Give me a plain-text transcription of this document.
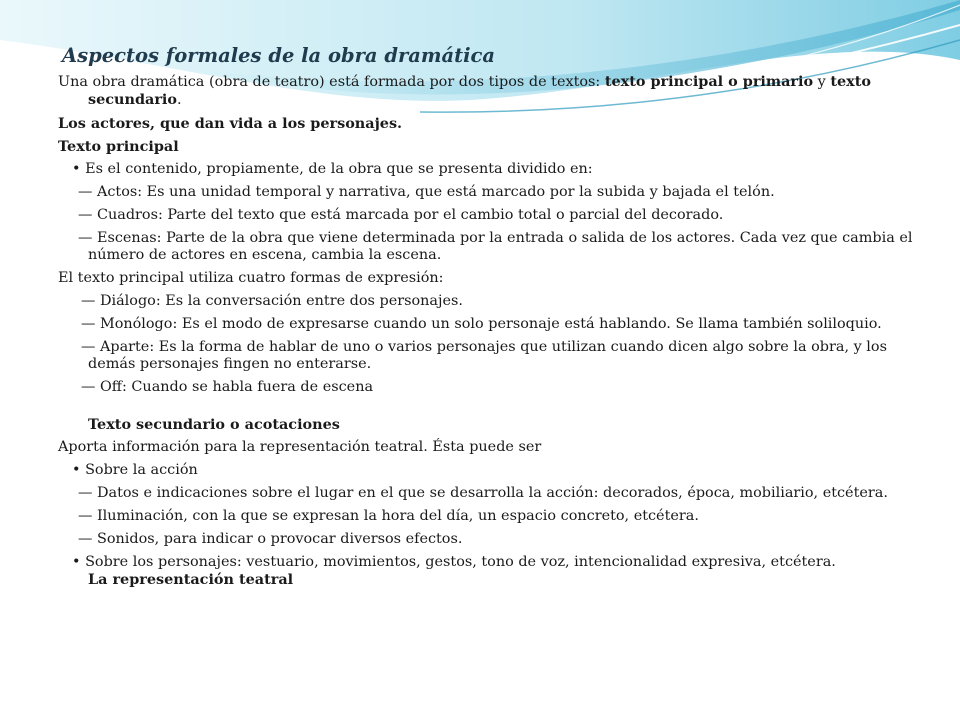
Aspectos formales de la obra dramática
Una obra dramática (obra de teatro) está formada por dos tipos de textos: texto principal o primario y texto secundario.
Los actores, que dan vida a los personajes.
Texto principal
• Es el contenido, propiamente, de la obra que se presenta dividido en:
— Actos: Es una unidad temporal y narrativa, que está marcado por la subida y bajada el telón.
— Cuadros: Parte del texto que está marcada por el cambio total o parcial del decorado.
— Escenas: Parte de la obra que viene determinada por la entrada o salida de los actores. Cada vez que cambia el número de actores en escena, cambia la escena.
El texto principal utiliza cuatro formas de expresión:
— Diálogo: Es la conversación entre dos personajes.
— Monólogo: Es el modo de expresarse cuando un solo personaje está hablando. Se llama también soliloquio.
— Aparte: Es la forma de hablar de uno o varios personajes que utilizan cuando dicen algo sobre la obra, y los demás personajes fingen no enterarse.
— Off: Cuando se habla fuera de escena
Texto secundario o acotaciones
Aporta información para la representación teatral. Ésta puede ser
• Sobre la acción
— Datos e indicaciones sobre el lugar en el que se desarrolla la acción: decorados, época, mobiliario, etcétera.
— Iluminación, con la que se expresan la hora del día, un espacio concreto, etcétera.
— Sonidos, para indicar o provocar diversos efectos.
• Sobre los personajes: vestuario, movimientos, gestos, tono de voz, intencionalidad expresiva, etcétera.
La representación teatral
